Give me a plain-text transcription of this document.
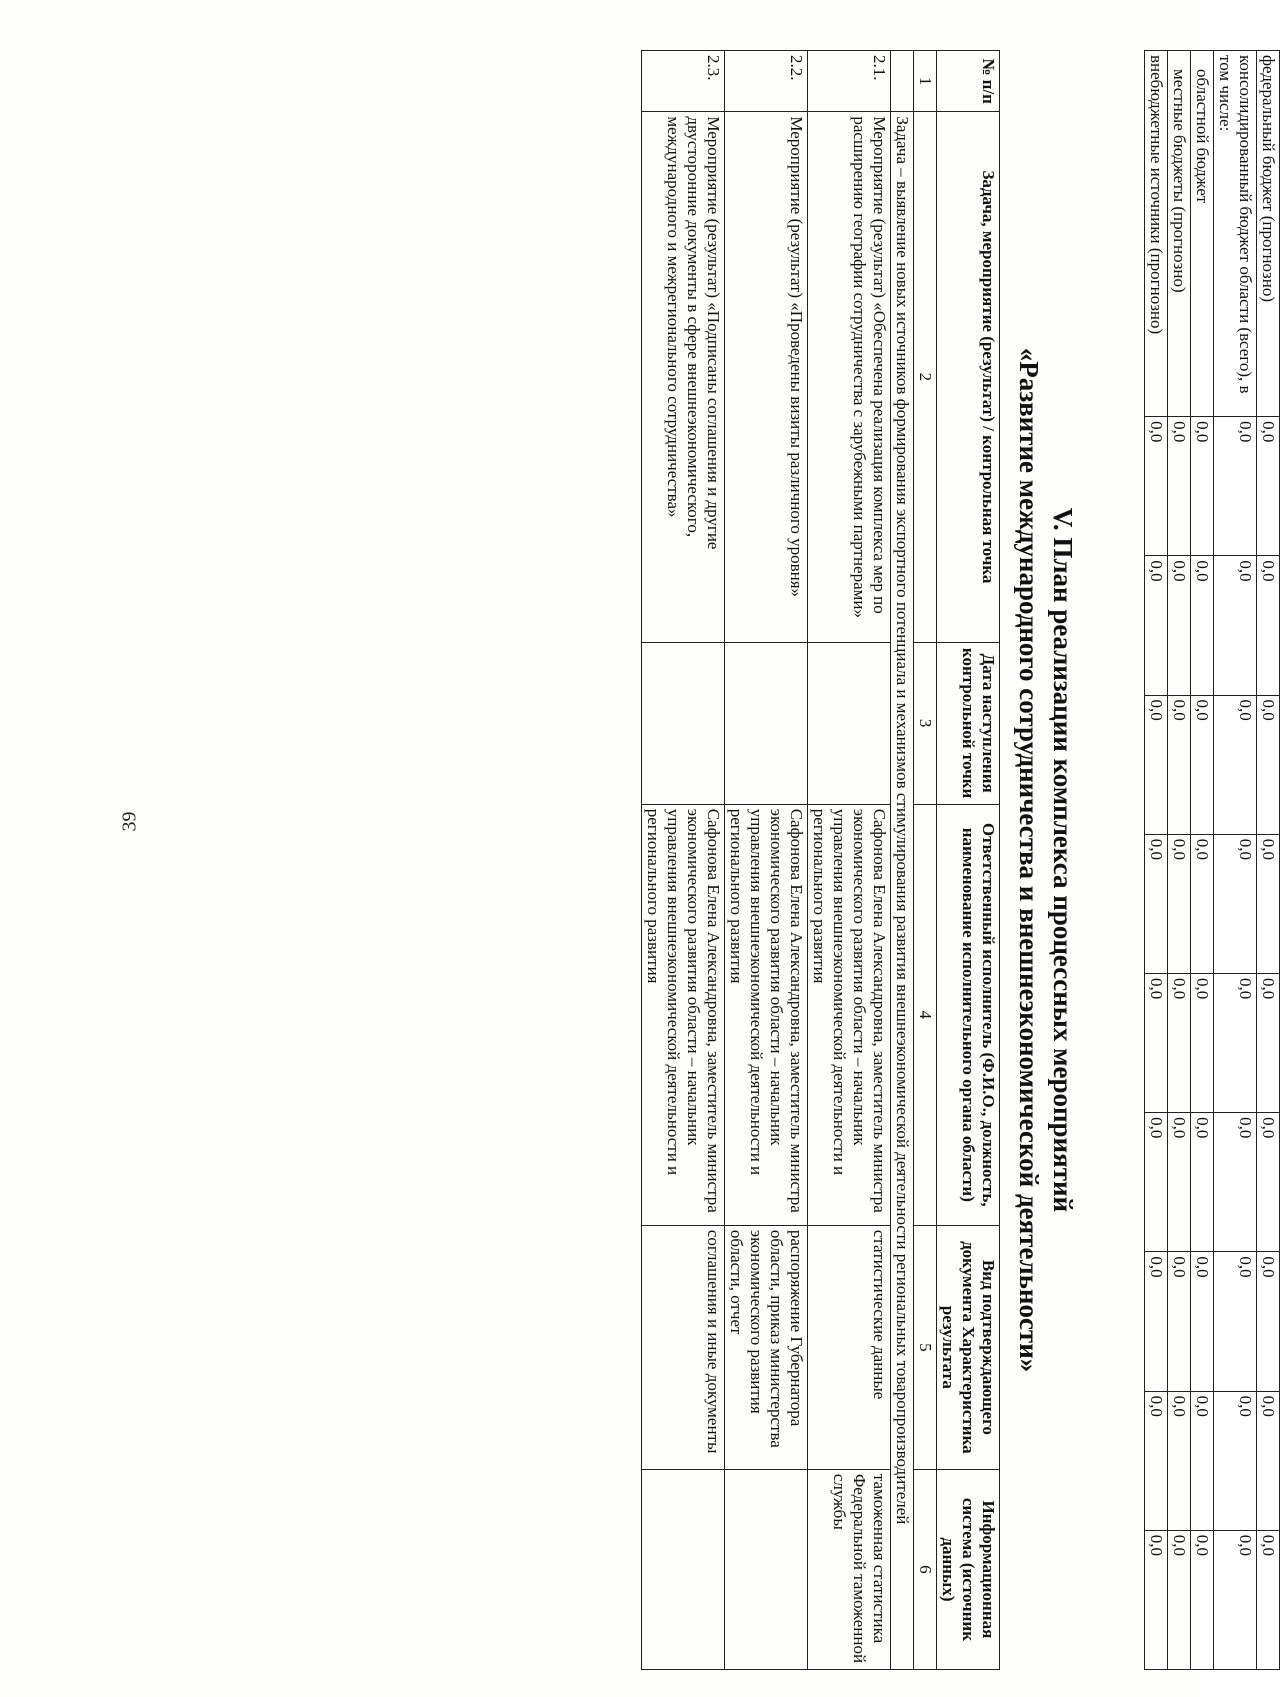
39
федеральный бюджет (прогнозно)	0,0	0,0	0,0	0,0	0,0	0,0	0,0	0,0	0,0
консолидированный бюджет области (всего), в том числе:	0,0	0,0	0,0	0,0	0,0	0,0	0,0	0,0	0,0
областной бюджет	0,0	0,0	0,0	0,0	0,0	0,0	0,0	0,0	0,0
местные бюджеты (прогнозно)	0,0	0,0	0,0	0,0	0,0	0,0	0,0	0,0	0,0
внебюджетные источники (прогнозно)	0,0	0,0	0,0	0,0	0,0	0,0	0,0	0,0	0,0
V. План реализации комплекса процессных мероприятий
«Развитие международного сотрудничества и внешнеэкономической деятельности»
№ п/п	Задача, мероприятие (результат) / контрольная точка	Дата наступления контрольной точки	Ответственный исполнитель (Ф.И.О., должность, наименование исполнительного органа области)	Вид подтверждающего документа Характеристика результата	Информационная система (источник данных)
1	2	3	4	5	6
	Задача – выявление новых источников формирования экспортного потенциала и механизмов стимулирования развития внешнеэкономической деятельности региональных товаропроизводителей				
2.1.	Мероприятие (результат) «Обеспечена реализация комплекса мер по расширению географии сотрудничества с зарубежными партнерами»		Сафонова Елена Александровна, заместитель министра экономического развития области – начальник управления внешнеэкономической деятельности и регионального развития	статистические данные	таможенная статистика Федеральной таможенной службы
2.2.	Мероприятие (результат) «Проведены визиты различного уровня»		Сафонова Елена Александровна, заместитель министра экономического развития области – начальник управления внешнеэкономической деятельности и регионального развития	распоряжение Губернатора области, приказ министерства экономического развития области, отчет	
2.3.	Мероприятие (результат) «Подписаны соглашения и другие двусторонние документы в сфере внешнеэкономического, международного и межрегионального сотрудничества»		Сафонова Елена Александровна, заместитель министра экономического развития области – начальник управления внешнеэкономической деятельности и регионального развития	соглашения и иные документы	
